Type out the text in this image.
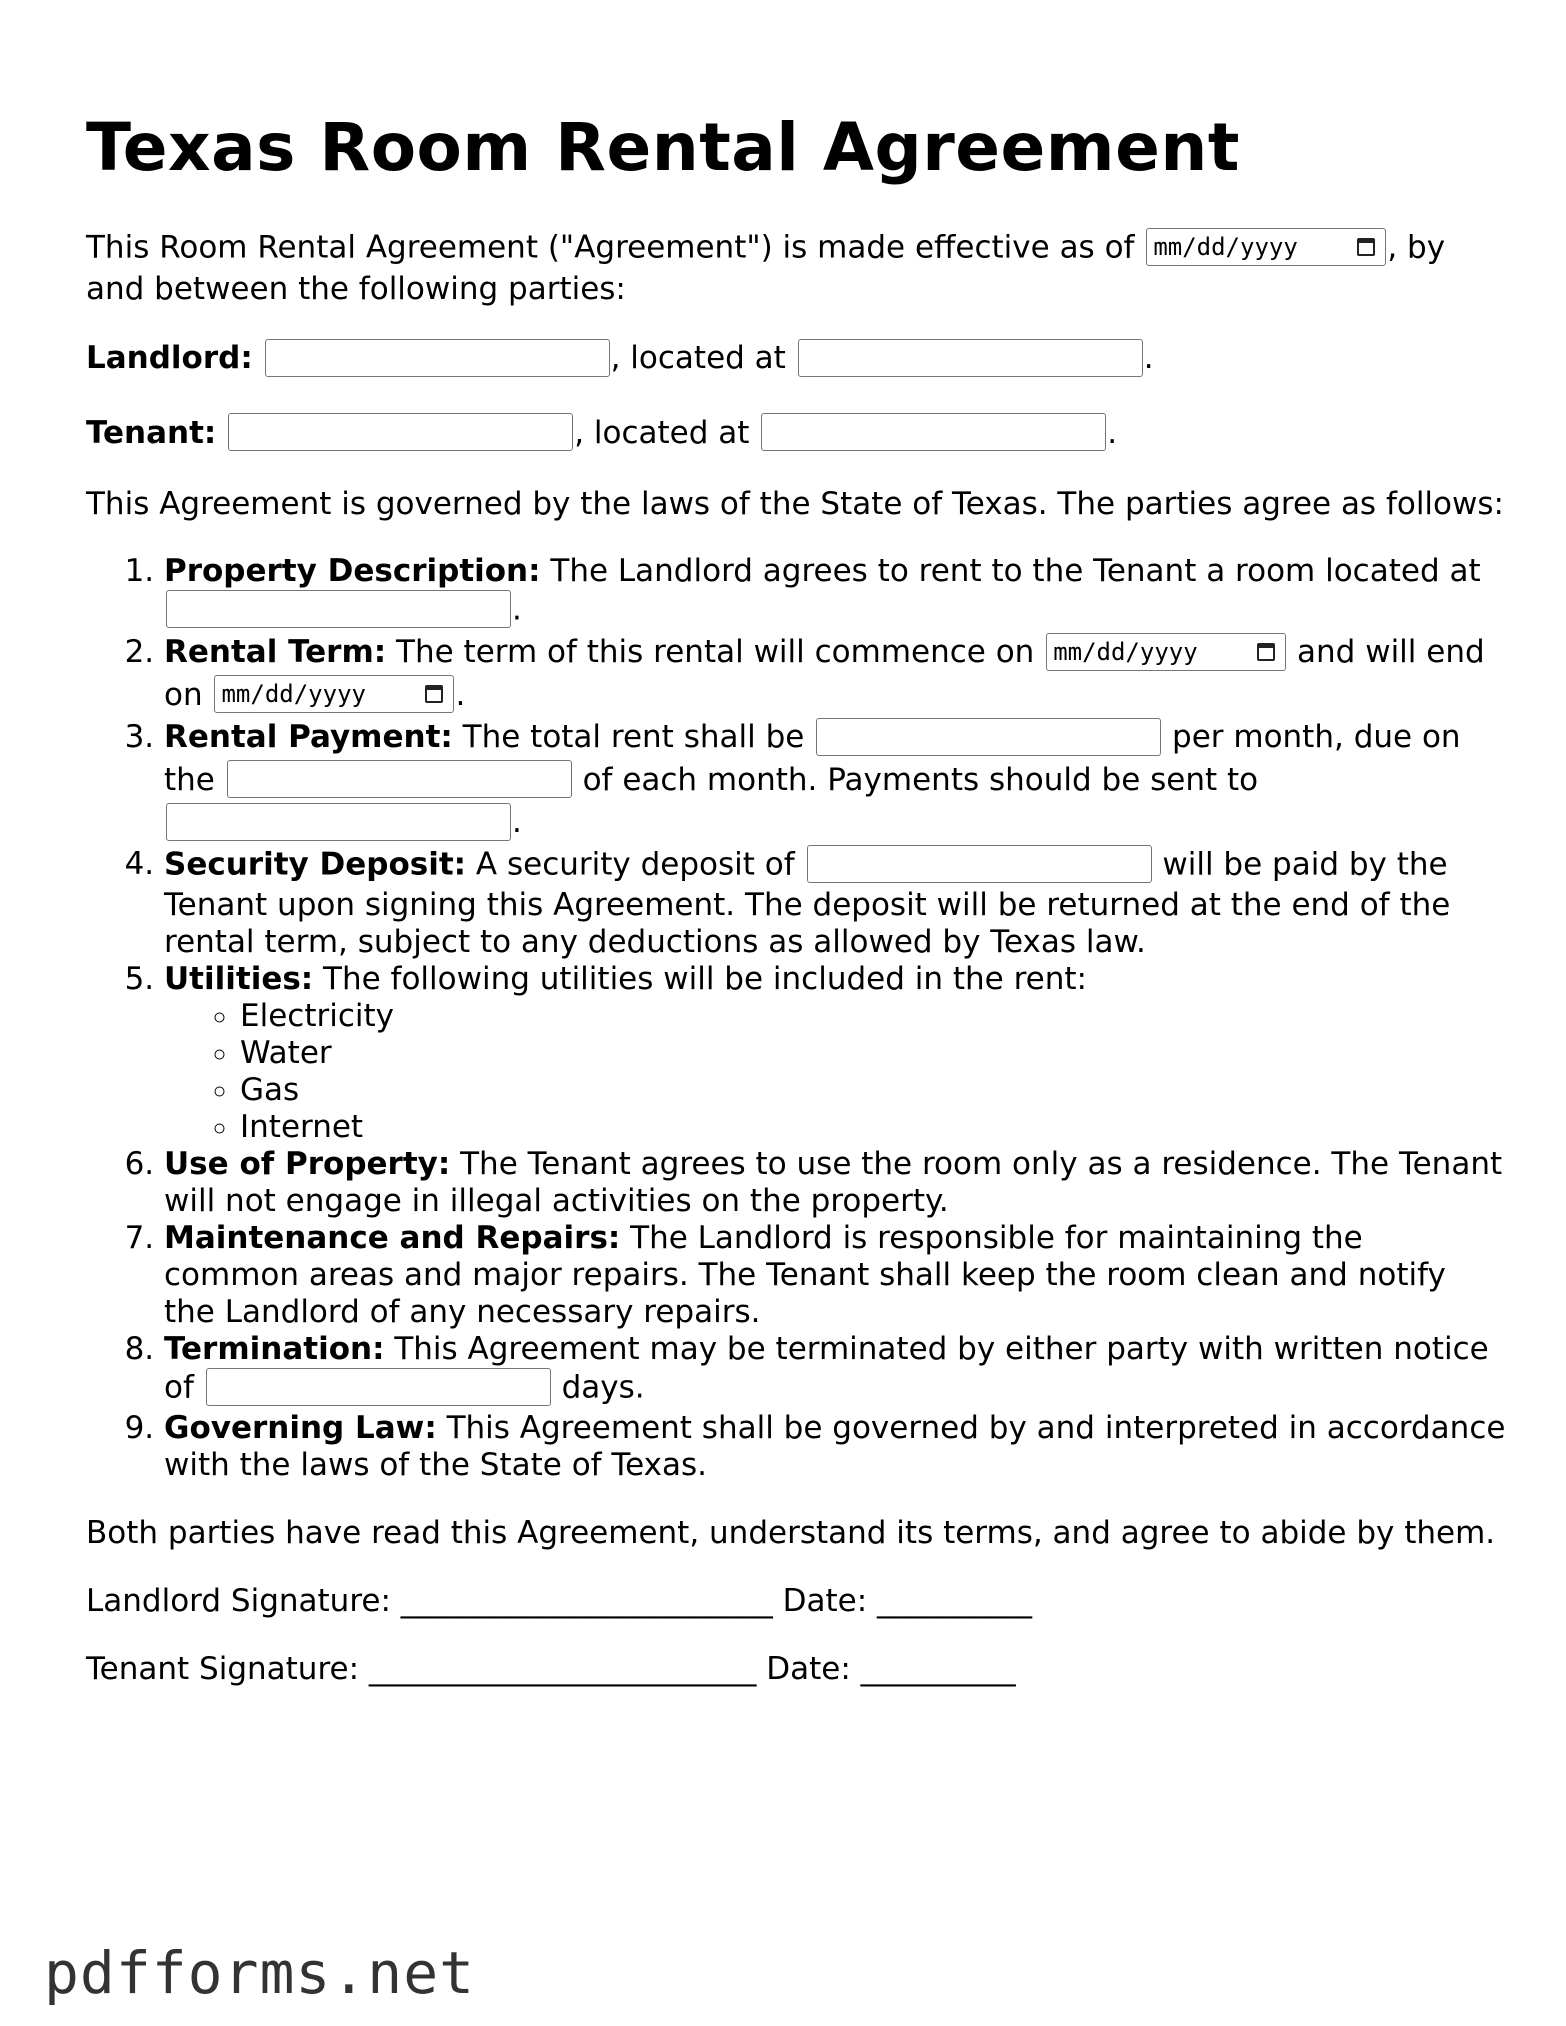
Texas Room Rental Agreement

This Room Rental Agreement ("Agreement") is made effective as of mm/dd/yyyy	, by and between the following parties:

Landlord:	, located at	.

Tenant:	, located at	.

This Agreement is governed by the laws of the State of Texas. The parties agree as follows:

1. Property Description: The Landlord agrees to rent to the Tenant a room located at .
2. Rental Term: The term of this rental will commence on mm/dd/yyyy	and will end on mm/dd/yyyy	.
3. Rental Payment: The total rent shall be	per month, due on the	of each month. Payments should be sent to .
4. Security Deposit: A security deposit of	will be paid by the Tenant upon signing this Agreement. The deposit will be returned at the end of the rental term, subject to any deductions as allowed by Texas law.
5. Utilities: The following utilities will be included in the rent:
◦ Electricity
◦ Water
◦ Gas
◦ Internet
6. Use of Property: The Tenant agrees to use the room only as a residence. The Tenant will not engage in illegal activities on the property.
7. Maintenance and Repairs: The Landlord is responsible for maintaining the common areas and major repairs. The Tenant shall keep the room clean and notify the Landlord of any necessary repairs.
8. Termination: This Agreement may be terminated by either party with written notice of	days.
9. Governing Law: This Agreement shall be governed by and interpreted in accordance with the laws of the State of Texas.

Both parties have read this Agreement, understand its terms, and agree to abide by them.

Landlord Signature: ________________________ Date: __________

Tenant Signature: _________________________ Date: __________

pdfforms.net
